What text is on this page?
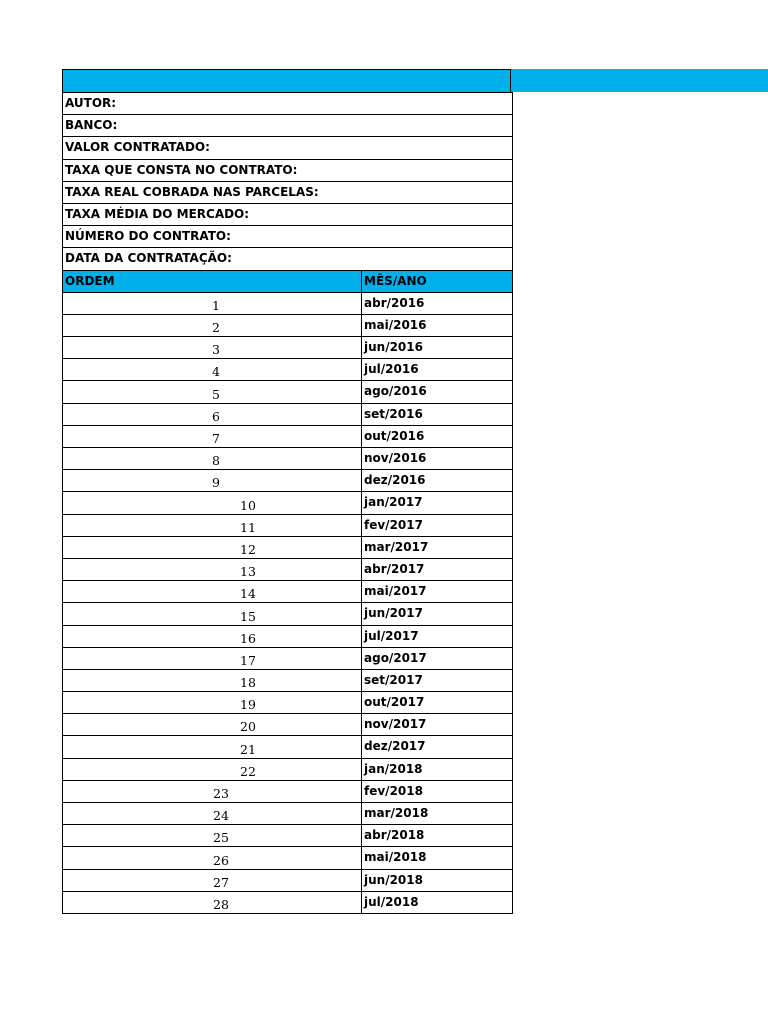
AUTOR:	
BANCO:	
VALOR CONTRATADO:	
TAXA QUE CONSTA NO CONTRATO:	
TAXA REAL COBRADA NAS PARCELAS:	
TAXA MÉDIA DO MERCADO:	
NÚMERO DO CONTRATO:	
DATA DA CONTRATAÇÃO:	
ORDEM	MÊS/ANO
1	abr/2016
2	mai/2016
3	jun/2016
4	jul/2016
5	ago/2016
6	set/2016
7	out/2016
8	nov/2016
9	dez/2016
10	jan/2017
11	fev/2017
12	mar/2017
13	abr/2017
14	mai/2017
15	jun/2017
16	jul/2017
17	ago/2017
18	set/2017
19	out/2017
20	nov/2017
21	dez/2017
22	jan/2018
23	fev/2018
24	mar/2018
25	abr/2018
26	mai/2018
27	jun/2018
28	jul/2018
